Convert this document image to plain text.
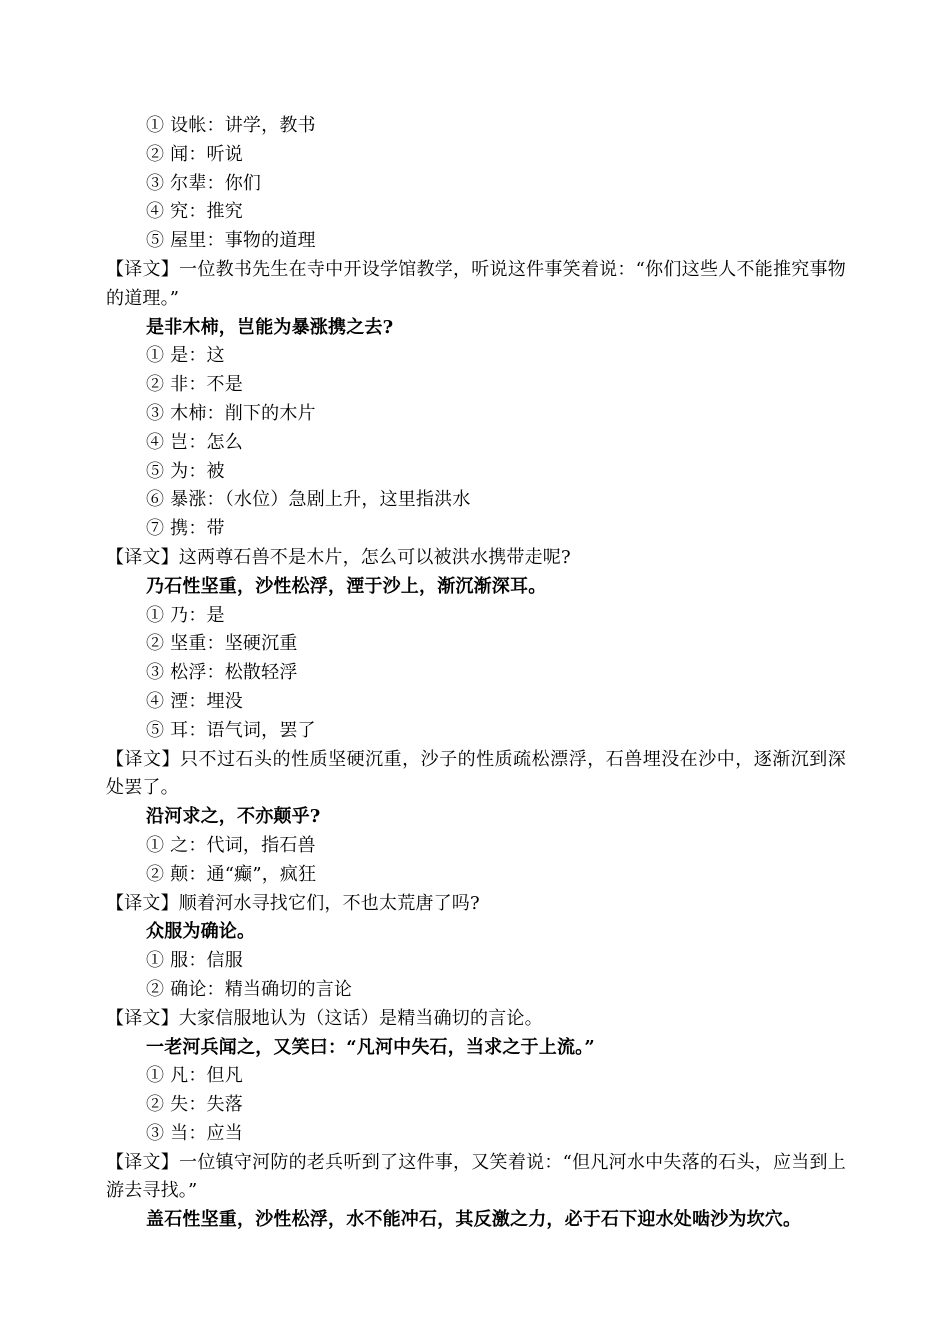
① 设帐：讲学，教书
② 闻：听说
③ 尔辈：你们
④ 究：推究
⑤ 屋里：事物的道理
【译文】一位教书先生在寺中开设学馆教学，听说这件事笑着说：“你们这些人不能推究事物的道理。”
是非木柿，岂能为暴涨携之去?
① 是：这
② 非：不是
③ 木柿：削下的木片
④ 岂：怎么
⑤ 为：被
⑥ 暴涨：（水位）急剧上升，这里指洪水
⑦ 携：带
【译文】这两尊石兽不是木片，怎么可以被洪水携带走呢?
乃石性坚重，沙性松浮，湮于沙上，渐沉渐深耳。
① 乃：是
② 坚重：坚硬沉重
③ 松浮：松散轻浮
④ 湮：埋没
⑤ 耳：语气词，罢了
【译文】只不过石头的性质坚硬沉重，沙子的性质疏松漂浮，石兽埋没在沙中，逐渐沉到深处罢了。
沿河求之，不亦颠乎?
① 之：代词，指石兽
② 颠：通“癫”，疯狂
【译文】顺着河水寻找它们，不也太荒唐了吗?
众服为确论。
① 服：信服
② 确论：精当确切的言论
【译文】大家信服地认为（这话）是精当确切的言论。
一老河兵闻之，又笑曰：“凡河中失石，当求之于上流。”
① 凡：但凡
② 失：失落
③ 当：应当
【译文】一位镇守河防的老兵听到了这件事，又笑着说：“但凡河水中失落的石头，应当到上游去寻找。”
盖石性坚重，沙性松浮，水不能冲石，其反激之力，必于石下迎水处啮沙为坎穴。
